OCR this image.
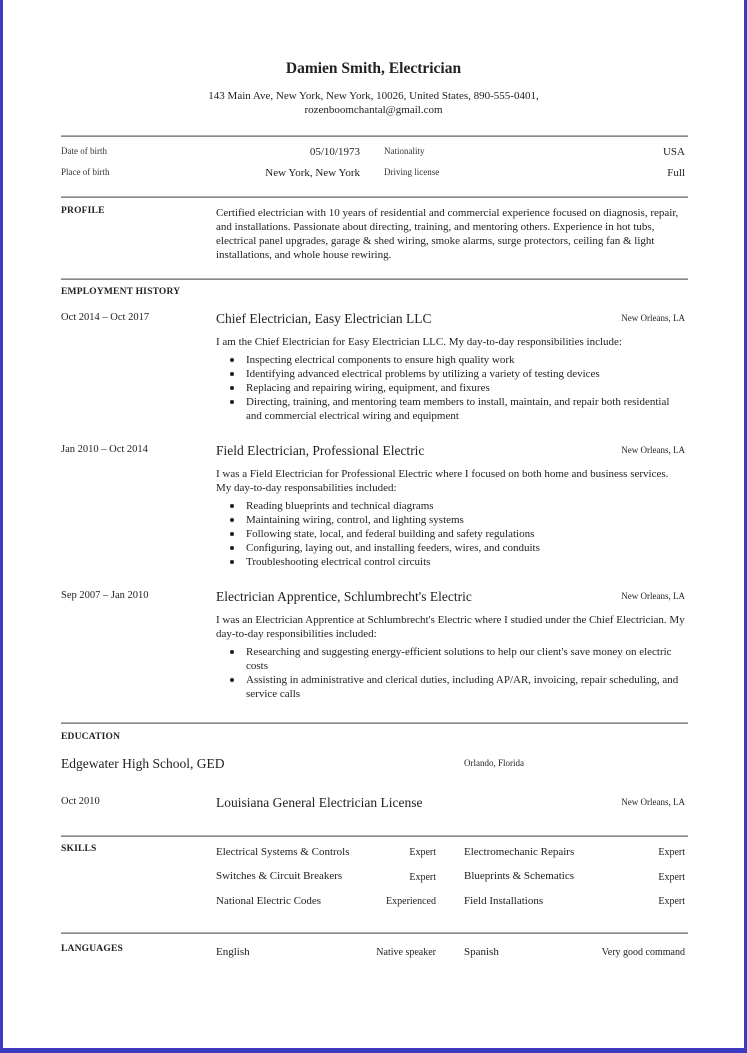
Damien Smith, Electrician
143 Main Ave, New York, New York, 10026, United States, 890-555-0401,
rozenboomchantal@gmail.com
Date of birth	05/10/1973	Nationality	USA
Place of birth	New York, New York	Driving license	Full
PROFILE	Certified electrician with 10 years of residential and commercial experience focused on diagnosis, repair, and installations. Passionate about directing, training, and mentoring others. Experience in hot tubs, electrical panel upgrades, garage & shed wiring, smoke alarms, surge protectors, ceiling fan & light installations, and whole house rewiring.
EMPLOYMENT HISTORY
Oct 2014 – Oct 2017	Chief Electrician, Easy Electrician LLC	New Orleans, LA
I am the Chief Electrician for Easy Electrician LLC. My day-to-day responsibilities include:
Inspecting electrical components to ensure high quality work
Identifying advanced electrical problems by utilizing a variety of testing devices
Replacing and repairing wiring, equipment, and fixures
Directing, training, and mentoring team members to install, maintain, and repair both residential and commercial electrical wiring and equipment
Jan 2010 – Oct 2014	Field Electrician, Professional Electric	New Orleans, LA
I was a Field Electrician for Professional Electric where I focused on both home and business services. My day-to-day responsabilities included:
Reading blueprints and technical diagrams
Maintaining wiring, control, and lighting systems
Following state, local, and federal building and safety regulations
Configuring, laying out, and installing feeders, wires, and conduits
Troubleshooting electrical control circuits
Sep 2007 – Jan 2010	Electrician Apprentice, Schlumbrecht's Electric	New Orleans, LA
I was an Electrician Apprentice at Schlumbrecht's Electric where I studied under the Chief Electrician. My day-to-day responsibilities included:
Researching and suggesting energy-efficient solutions to help our client's save money on electric costs
Assisting in administrative and clerical duties, including AP/AR, invoicing, repair scheduling, and service calls
EDUCATION
Edgewater High School, GED	Orlando, Florida
Oct 2010	Louisiana General Electrician License	New Orleans, LA
SKILLS	Electrical Systems & Controls	Expert	Electromechanic Repairs	Expert
Switches & Circuit Breakers	Expert	Blueprints & Schematics	Expert
National Electric Codes	Experienced	Field Installations	Expert
LANGUAGES	English	Native speaker	Spanish	Very good command
